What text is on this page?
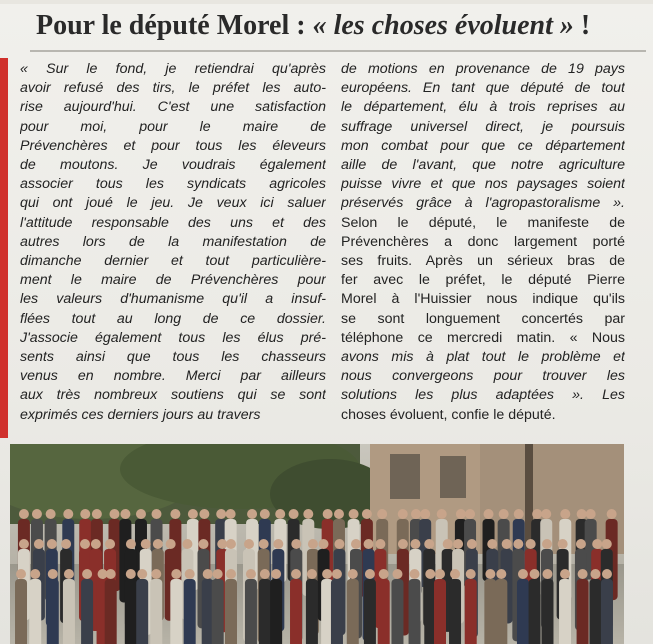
Pour le député Morel : « les choses évoluent » !
« Sur le fond, je retiendrai qu'après
avoir refusé des tirs, le préfet les auto-
rise aujourd'hui. C'est une satisfaction
pour moi, pour le maire de
Prévenchères et pour tous les éleveurs
de moutons. Je voudrais également
associer tous les syndicats agricoles
qui ont joué le jeu. Je veux ici saluer
l'attitude responsable des uns et des
autres lors de la manifestation de
dimanche dernier et tout particulière-
ment le maire de Prévenchères pour
les valeurs d'humanisme qu'il a insuf-
flées tout au long de ce dossier.
J'associe également tous les élus pré-
sents ainsi que tous les chasseurs
venus en nombre. Merci par ailleurs
aux très nombreux soutiens qui se sont
exprimés ces derniers jours au travers
de motions en provenance de 19 pays
européens. En tant que député de tout
le département, élu à trois reprises au
suffrage universel direct, je poursuis
mon combat pour que ce département
aille de l'avant, que notre agriculture
puisse vivre et que nos paysages soient
préservés grâce à l'agropastoralisme ».
Selon le député, le manifeste de
Prévenchères a donc largement porté
ses fruits. Après un sérieux bras de
fer avec le préfet, le député Pierre
Morel à l'Huissier nous indique qu'ils
se sont longuement concertés par
téléphone ce mercredi matin. « Nous
avons mis à plat tout le problème et
nous convergeons pour trouver les
solutions les plus adaptées ». Les
choses évoluent, confie le député.
